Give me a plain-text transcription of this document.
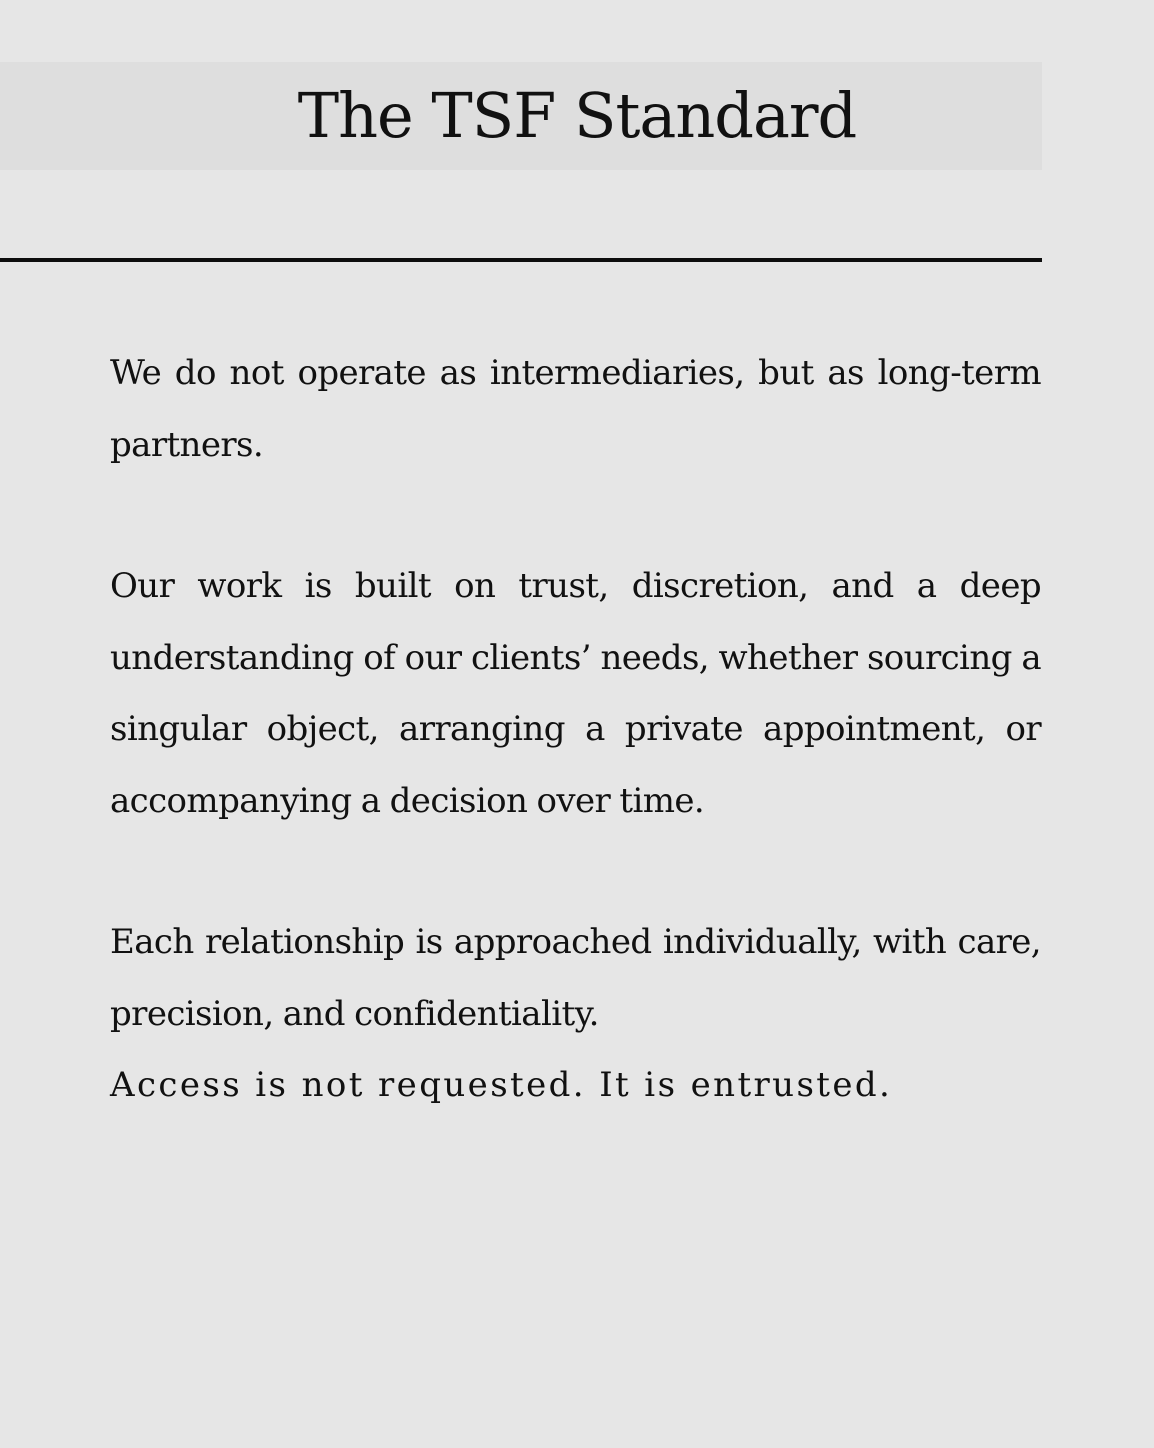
The TSF Standard

We do not operate as intermediaries, but as long-term partners.

Our work is built on trust, discretion, and a deep understanding of our clients’ needs, whether sourcing a singular object, arranging a private appointment, or accompanying a decision over time.

Each relationship is approached individually, with care, precision, and confidentiality.

Access is not requested. It is entrusted.
